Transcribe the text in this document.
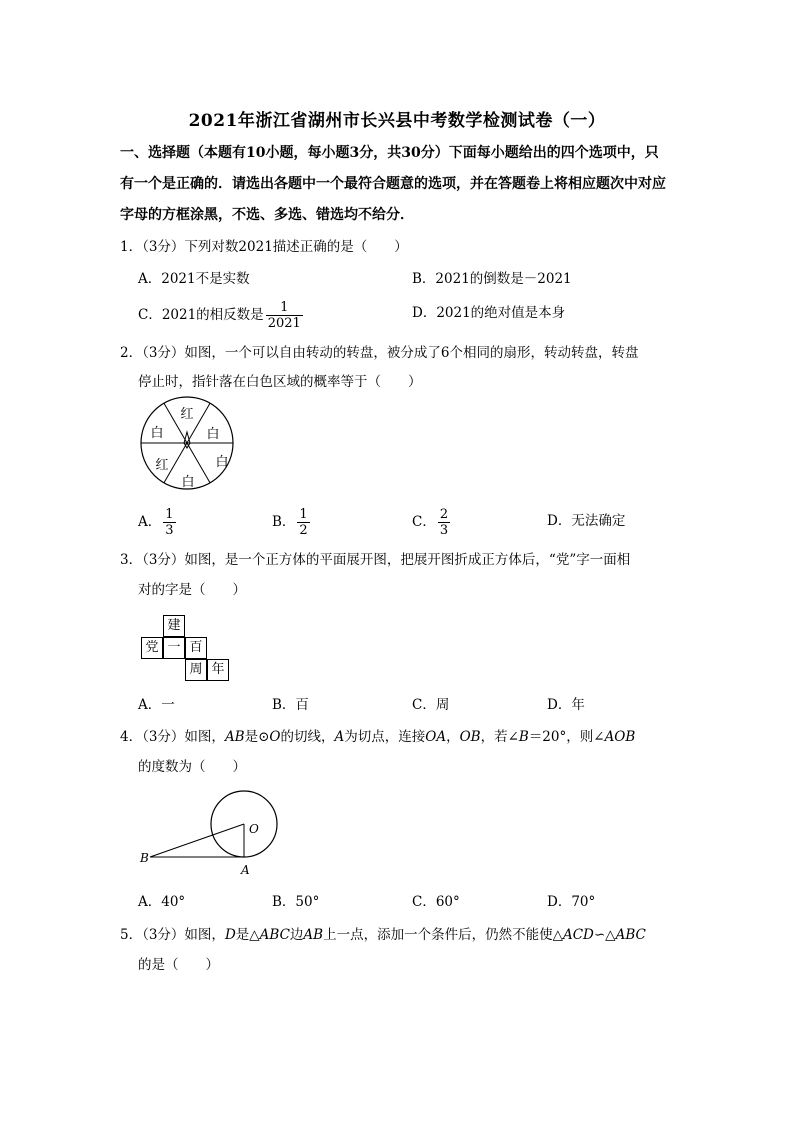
2021年浙江省湖州市长兴县中考数学检测试卷（一）
一、选择题（本题有10小题，每小题3分，共30分）下面每小题给出的四个选项中，只
有一个是正确的．请选出各题中一个最符合题意的选项，并在答题卷上将相应题次中对应
字母的方框涂黑，不选、多选、错选均不给分．
1．（3分）下列对数2021描述正确的是（　　）
A．2021不是实数	B．2021的倒数是－2021
C．2021的相反数是 $\frac{1}{2021}$	D．2021的绝对值是本身
2．（3分）如图，一个可以自由转动的转盘，被分成了6个相同的扇形，转动转盘，转盘
停止时，指针落在白色区域的概率等于（　　）
红
白
白
白
红
白
A． $\frac{1}{3}$	B． $\frac{1}{2}$	C． $\frac{2}{3}$	D．无法确定
3．（3分）如图，是一个正方体的平面展开图，把展开图折成正方体后，“党”字一面相
对的字是（　　）
建
党 一 百
周 年
A．一	B．百	C．周	D．年
4．（3分）如图，AB是⊙O的切线，A为切点，连接OA，OB，若∠B＝20°，则∠AOB
的度数为（　　）
O
B
A
A．40°	B．50°	C．60°	D．70°
5．（3分）如图，D是△ABC边AB上一点，添加一个条件后，仍然不能使△ACD∽△ABC
的是（　　）
